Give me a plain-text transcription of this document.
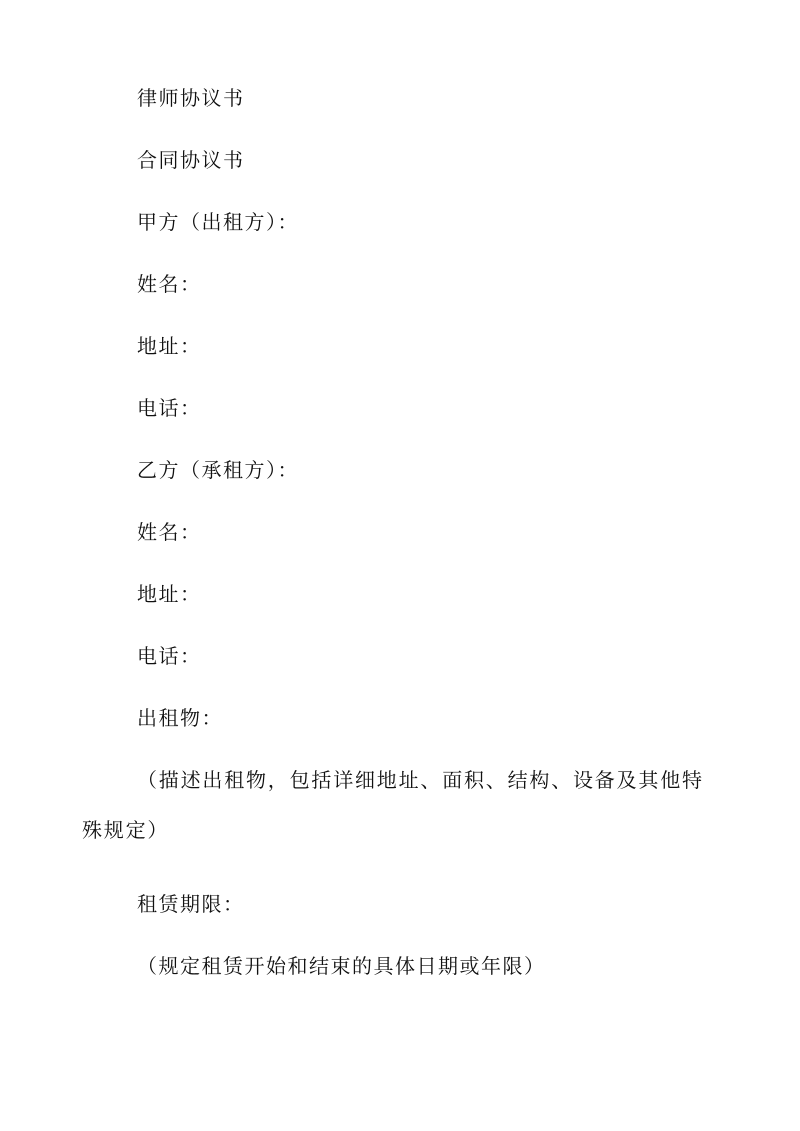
律师协议书

合同协议书

甲方（出租方）：

姓名：

地址：

电话：

乙方（承租方）：

姓名：

地址：

电话：

出租物：

（描述出租物，包括详细地址、面积、结构、设备及其他特殊规定）

租赁期限：

（规定租赁开始和结束的具体日期或年限）
